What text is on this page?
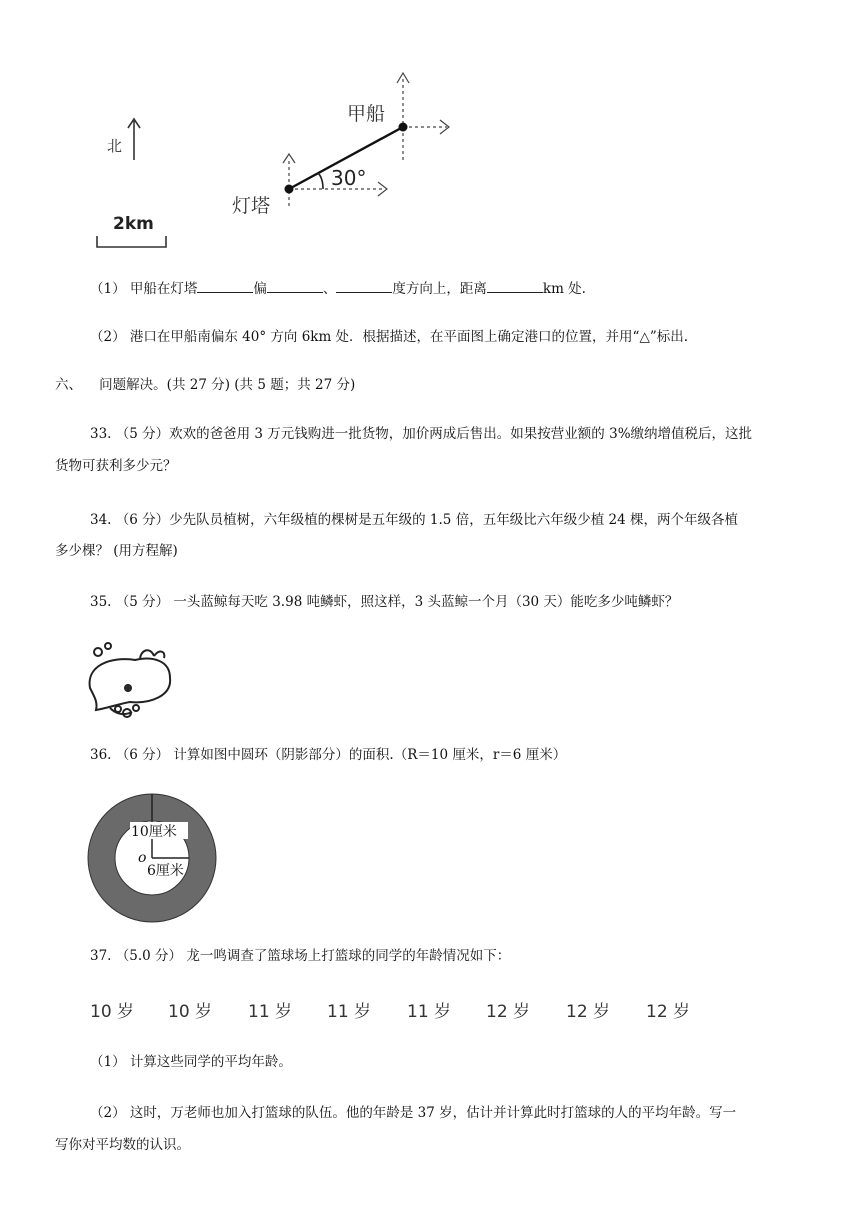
北
2km
30°
甲船
灯塔
（1） 甲船在灯塔	偏	、	度方向上，距离	km 处.
（2） 港口在甲船南偏东 40° 方向 6km 处．根据描述，在平面图上确定港口的位置，并用“△”标出.
六、 问题解决。(共 27 分) (共 5 题；共 27 分)
33. （5 分）欢欢的爸爸用 3 万元钱购进一批货物，加价两成后售出。如果按营业额的 3%缴纳增值税后，这批
货物可获利多少元？
34. （6 分）少先队员植树，六年级植的棵树是五年级的 1.5 倍，五年级比六年级少植 24 棵，两个年级各植
多少棵？ (用方程解)
35. （5 分） 一头蓝鲸每天吃 3.98 吨鳞虾，照这样，3 头蓝鲸一个月（30 天）能吃多少吨鳞虾？
36. （6 分） 计算如图中圆环（阴影部分）的面积.（R＝10 厘米，r＝6 厘米）
10厘米
6厘米
o
37. （5.0 分） 龙一鸣调查了篮球场上打篮球的同学的年龄情况如下：
10 岁 10 岁 11 岁 11 岁 11 岁 12 岁 12 岁 12 岁
（1） 计算这些同学的平均年龄。
（2） 这时，万老师也加入打篮球的队伍。他的年龄是 37 岁，估计并计算此时打篮球的人的平均年龄。写一
写你对平均数的认识。
